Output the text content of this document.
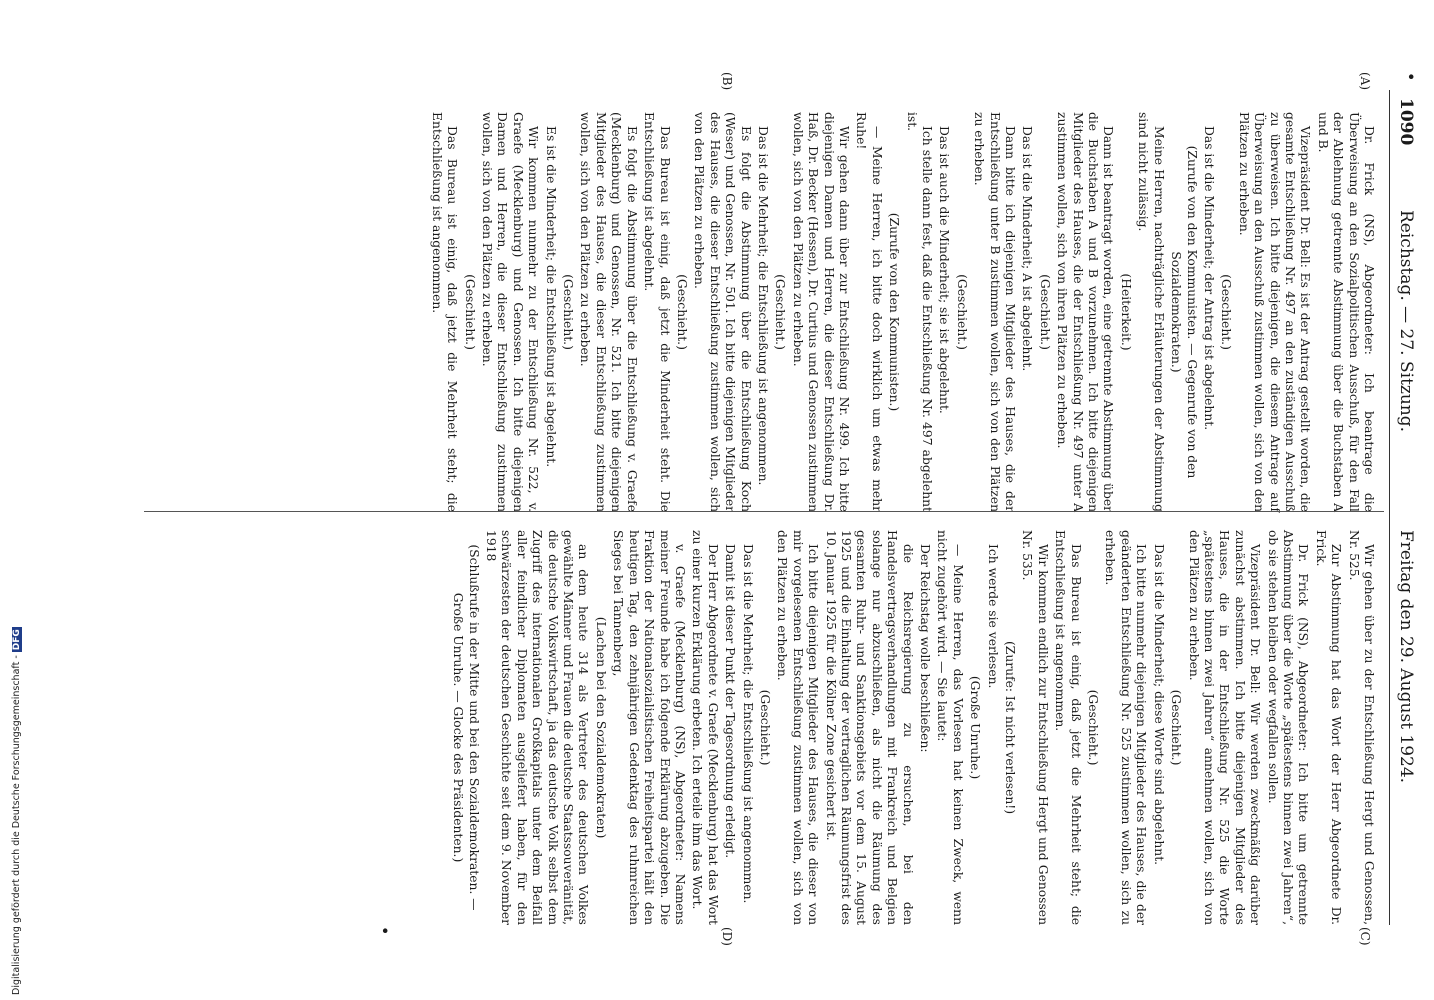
Digitalisierung gefördert durch die Deutsche Forschungsgemeinschaft -DFG
1090
Reichstag. — 27. Sitzung.
Freitag den 29. August 1924.
•
(A)
(B)
(C)
(D)
•

Dr. Frick (NS), Abgeordneter: Ich beantrage die Überweisung an den Sozialpolitischen Ausschuß, für den Fall der Ablehnung getrennte Abstimmung über die Buchstaben A und B.

Vizepräsident Dr. Bell: Es ist der Antrag gestellt worden, die gesamte Entschließung Nr. 497 an den zuständigen Ausschuß zu überweisen. Ich bitte diejenigen, die diesem Antrage auf Überweisung an den Ausschuß zustimmen wollen, sich von den Plätzen zu erheben.

(Geschieht.)

Das ist die Minderheit; der Antrag ist abgelehnt.

(Zurufe von den Kommunisten. — Gegenrufe von den Sozialdemokraten.)

Meine Herren, nachträgliche Erläuterungen der Abstimmung sind nicht zulässig.

(Heiterkeit.)

Dann ist beantragt worden, eine getrennte Abstimmung über die Buchstaben A und B vorzunehmen. Ich bitte diejenigen Mitglieder des Hauses, die der Entschließung Nr. 497 unter A zustimmen wollen, sich von ihren Plätzen zu erheben.

(Geschieht.)

Das ist die Minderheit; A ist abgelehnt.

Dann bitte ich diejenigen Mitglieder des Hauses, die der Entschließung unter B zustimmen wollen, sich von den Plätzen zu erheben.

(Geschieht.)

Das ist auch die Minderheit; sie ist abgelehnt.

Ich stelle dann fest, daß die Entschließung Nr. 497 abgelehnt ist.

(Zurufe von den Kommunisten.)

— Meine Herren, ich bitte doch wirklich um etwas mehr Ruhe!

Wir gehen dann über zur Entschließung Nr. 499. Ich bitte diejenigen Damen und Herren, die dieser Entschließung Dr. Haß, Dr. Becker (Hessen), Dr. Curtius und Genossen zustimmen wollen, sich von den Plätzen zu erheben.

(Geschieht.)

Das ist die Mehrheit; die Entschließung ist angenommen.

Es folgt die Abstimmung über die Entschließung Koch (Weser) und Genossen, Nr. 501. Ich bitte diejenigen Mitglieder des Hauses, die dieser Entschließung zustimmen wollen, sich von den Plätzen zu erheben.

(Geschieht.)

Das Bureau ist einig, daß jetzt die Minderheit steht. Die Entschließung ist abgelehnt.

Es folgt die Abstimmung über die Entschließung v. Graefe (Mecklenburg) und Genossen, Nr. 521. Ich bitte diejenigen Mitglieder des Hauses, die dieser Entschließung zustimmen wollen, sich von den Plätzen zu erheben.

(Geschieht.)

Es ist die Minderheit; die Entschließung ist abgelehnt.

Wir kommen nunmehr zu der Entschließung Nr. 522, v. Graefe (Mecklenburg) und Genossen. Ich bitte diejenigen Damen und Herren, die dieser Entschließung zustimmen wollen, sich von den Plätzen zu erheben.

(Geschieht.)

Das Bureau ist einig, daß jetzt die Mehrheit steht; die Entschließung ist angenommen.

Wir gehen über zu der Entschließung Hergt und Genossen, Nr. 525.

Zur Abstimmung hat das Wort der Herr Abgeordnete Dr. Frick.

Dr. Frick (NS), Abgeordneter: Ich bitte um getrennte Abstimmung über die Worte „spätestens binnen zwei Jahren“, ob sie stehen bleiben oder wegfallen sollen.

Vizepräsident Dr. Bell: Wir werden zweckmäßig darüber zunächst abstimmen. Ich bitte diejenigen Mitglieder des Hauses, die in der Entschließung Nr. 525 die Worte „spätestens binnen zwei Jahren“ annehmen wollen, sich von den Plätzen zu erheben.

(Geschieht.)

Das ist die Minderheit; diese Worte sind abgelehnt.

Ich bitte nunmehr diejenigen Mitglieder des Hauses, die der geänderten Entschließung Nr. 525 zustimmen wollen, sich zu erheben.

(Geschieht.)

Das Bureau ist einig, daß jetzt die Mehrheit steht; die Entschließung ist angenommen.

Wir kommen endlich zur Entschließung Hergt und Genossen Nr. 535.

(Zurufe: Ist nicht verlesen!)

Ich werde sie verlesen.

(Große Unruhe.)

— Meine Herren, das Vorlesen hat keinen Zweck, wenn nicht zugehört wird. — Sie lautet:

Der Reichstag wolle beschließen:

die Reichsregierung zu ersuchen, bei den Handelsvertragsverhandlungen mit Frankreich und Belgien solange nur abzuschließen, als nicht die Räumung des gesamten Ruhr- und Sanktionsgebiets vor dem 15. August 1925 und die Einhaltung der vertraglichen Räumungsfrist des 10. Januar 1925 für die Kölner Zone gesichert ist.

Ich bitte diejenigen Mitglieder des Hauses, die dieser von mir vorgelesenen Entschließung zustimmen wollen, sich von den Plätzen zu erheben.

(Geschieht.)

Das ist die Mehrheit; die Entschließung ist angenommen.

Damit ist dieser Punkt der Tagesordnung erledigt.

Der Herr Abgeordnete v. Graefe (Mecklenburg) hat das Wort zu einer kurzen Erklärung erbeten. Ich erteile ihm das Wort.

v. Graefe (Mecklenburg) (NS), Abgeordneter: Namens meiner Freunde habe ich folgende Erklärung abzugeben. Die Fraktion der Nationalsozialistischen Freiheitspartei hält den heutigen Tag, den zehnjährigen Gedenktag des ruhmreichen Sieges bei Tannenberg,

(Lachen bei den Sozialdemokraten)

an dem heute 314 als Vertreter des deutschen Volkes gewählte Männer und Frauen die deutsche Staatssouveränität, die deutsche Volkswirtschaft, ja das deutsche Volk selbst dem Zugriff des internationalen Großkapitals unter dem Beifall aller feindlicher Diplomaten ausgeliefert haben, für den schwärzesten der deutschen Geschichte seit dem 9. November 1918

(Schlußrufe in der Mitte und bei den Sozialdemokraten. — Große Unruhe. — Glocke des Präsidenten.)
